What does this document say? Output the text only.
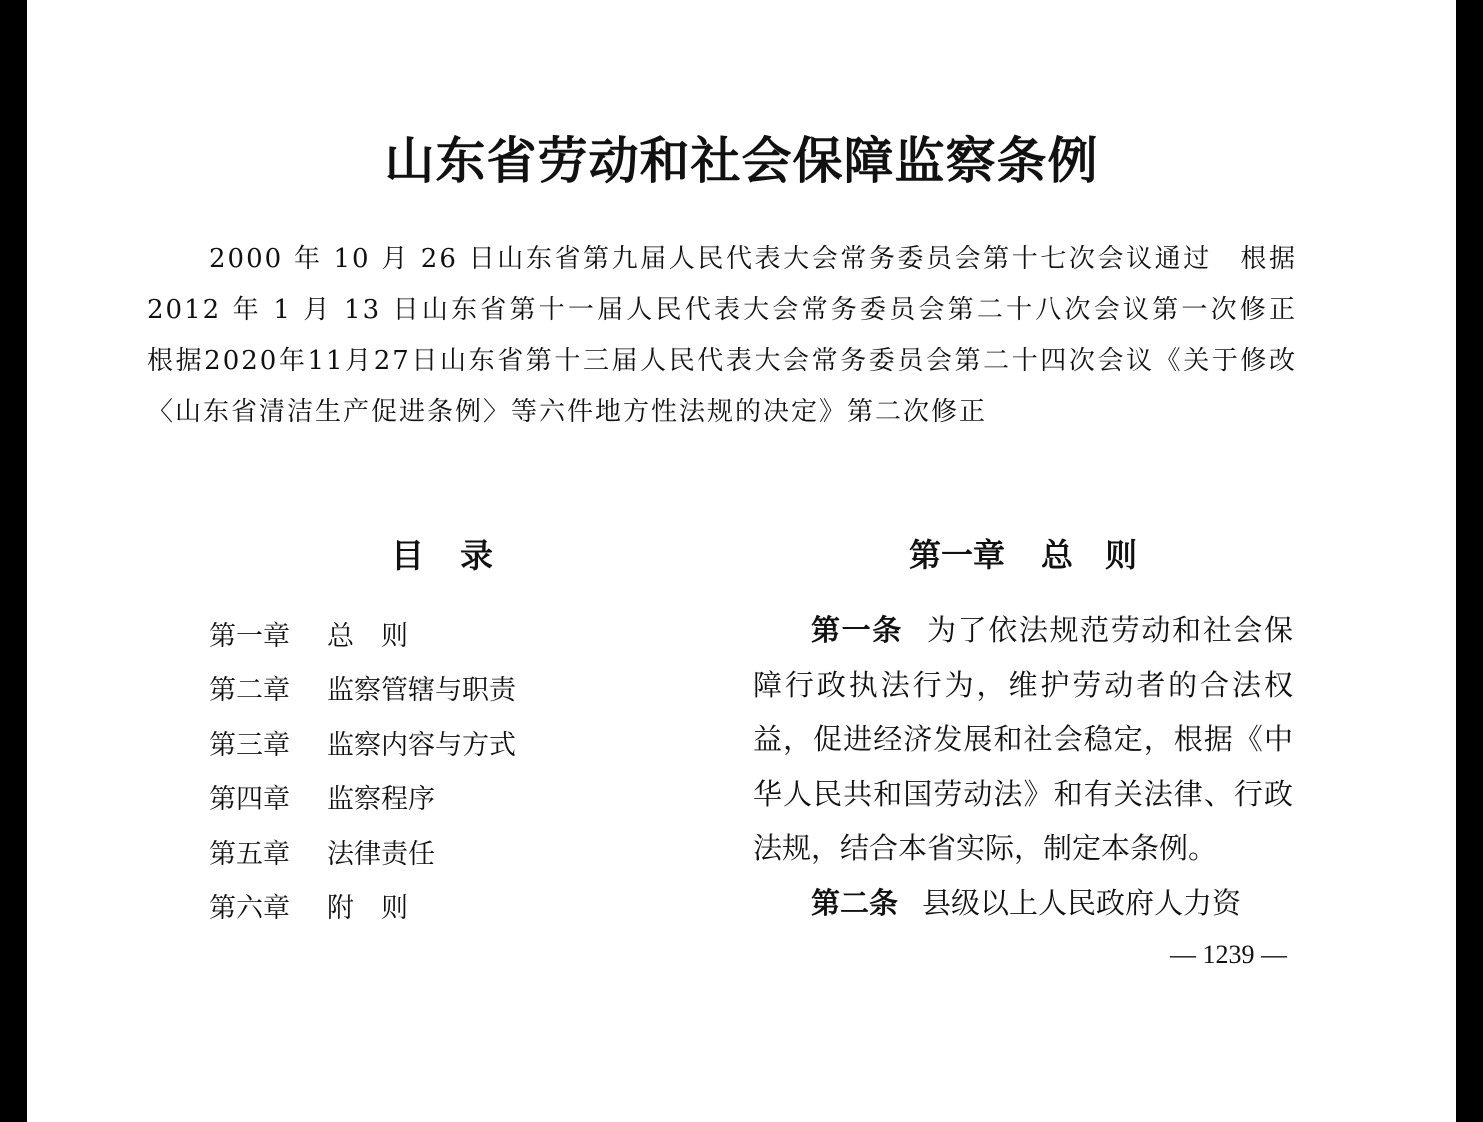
山东省劳动和社会保障监察条例

2000 年 10 月 26 日山东省第九届人民代表大会常务委员会第十七次会议通过　根据 2012 年 1 月 13 日山东省第十一届人民代表大会常务委员会第二十八次会议第一次修正　根据2020年11月27日山东省第十三届人民代表大会常务委员会第二十四次会议《关于修改〈山东省清洁生产促进条例〉等六件地方性法规的决定》第二次修正

目 录
第一章	总　则
第二章	监察管辖与职责
第三章	监察内容与方式
第四章	监察程序
第五章	法律责任
第六章	附　则
第一章 总　则

第一条 为了依法规范劳动和社会保障行政执法行为，维护劳动者的合法权益，促进经济发展和社会稳定，根据《中华人民共和国劳动法》和有关法律、行政法规，结合本省实际，制定本条例。

第二条 县级以上人民政府人力资

— 1239 —
